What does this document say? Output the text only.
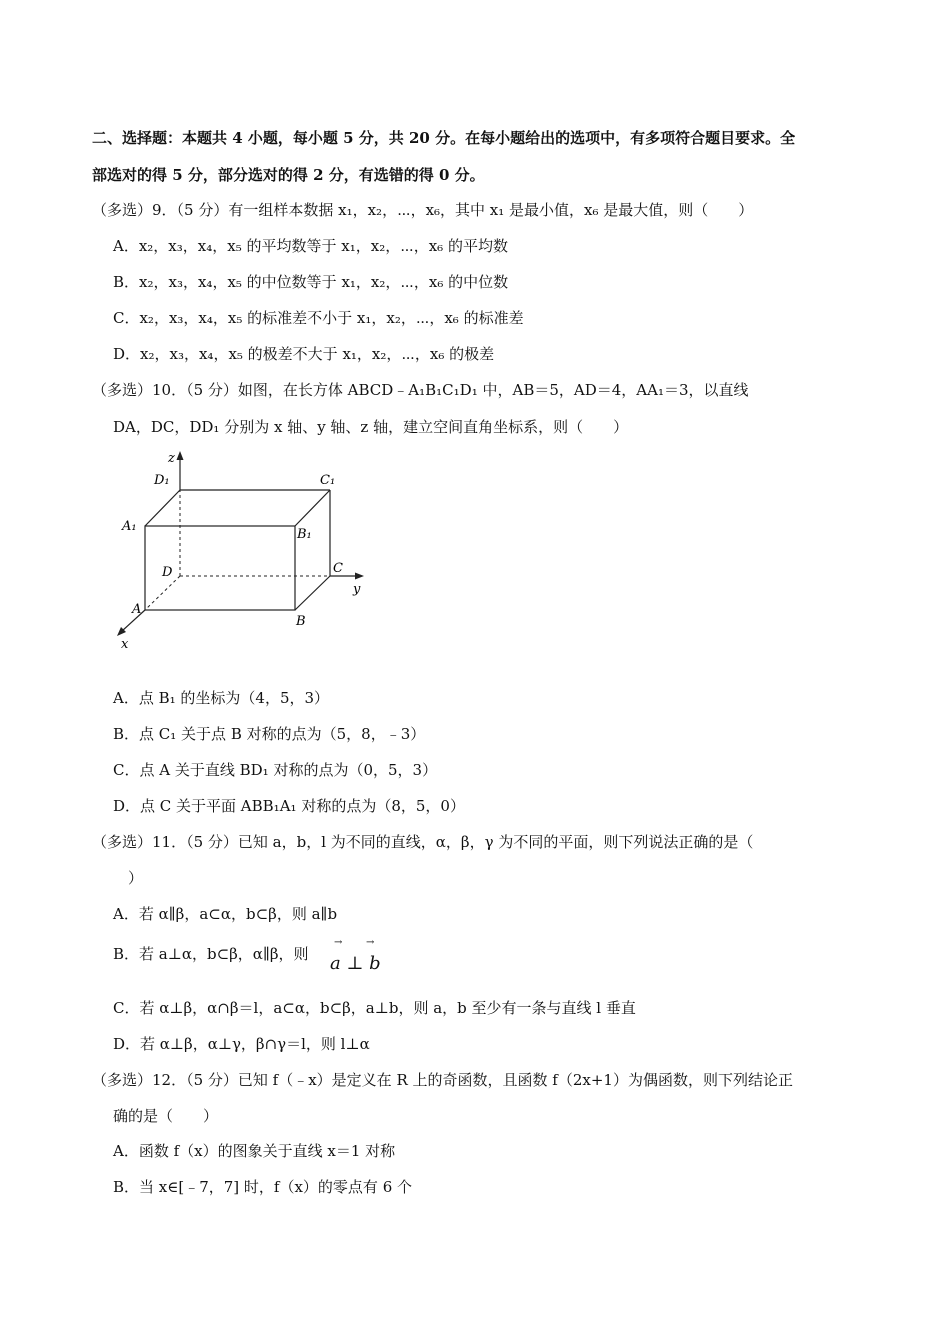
二、选择题：本题共 4 小题，每小题 5 分，共 20 分。在每小题给出的选项中，有多项符合题目要求。全
部选对的得 5 分，部分选对的得 2 分，有选错的得 0 分。
（多选）9．（5 分）有一组样本数据 x₁，x₂，⋯，x₆，其中 x₁ 是最小值，x₆ 是最大值，则（　　）
A．x₂，x₃，x₄，x₅ 的平均数等于 x₁，x₂，⋯，x₆ 的平均数
B．x₂，x₃，x₄，x₅ 的中位数等于 x₁，x₂，⋯，x₆ 的中位数
C．x₂，x₃，x₄，x₅ 的标准差不小于 x₁，x₂，⋯，x₆ 的标准差
D．x₂，x₃，x₄，x₅ 的极差不大于 x₁，x₂，⋯，x₆ 的极差
（多选）10．（5 分）如图，在长方体 ABCD﹣A₁B₁C₁D₁ 中，AB＝5，AD＝4，AA₁＝3，以直线
DA，DC，DD₁ 分别为 x 轴、y 轴、z 轴，建立空间直角坐标系，则（　　）
z
y
x
D₁	C₁
A₁
B₁
D	C
A
B
A．点 B₁ 的坐标为（4，5，3）
B．点 C₁ 关于点 B 对称的点为（5，8，﹣3）
C．点 A 关于直线 BD₁ 对称的点为（0，5，3）
D．点 C 关于平面 ABB₁A₁ 对称的点为（8，5，0）
（多选）11．（5 分）已知 a，b，l 为不同的直线，α，β，γ 为不同的平面，则下列说法正确的是（
）
A．若 α∥β，a⊂α，b⊂β，则 a∥b
B．若 a⊥α，b⊂β，α∥β，则
→ →
a ⊥ b
C．若 α⊥β，α∩β＝l，a⊂α，b⊂β，a⊥b，则 a，b 至少有一条与直线 l 垂直
D．若 α⊥β，α⊥γ，β∩γ＝l，则 l⊥α
（多选）12．（5 分）已知 f（﹣x）是定义在 R 上的奇函数，且函数 f（2x+1）为偶函数，则下列结论正
确的是（　　）
A．函数 f（x）的图象关于直线 x＝1 对称
B．当 x∈[﹣7，7] 时，f（x）的零点有 6 个
